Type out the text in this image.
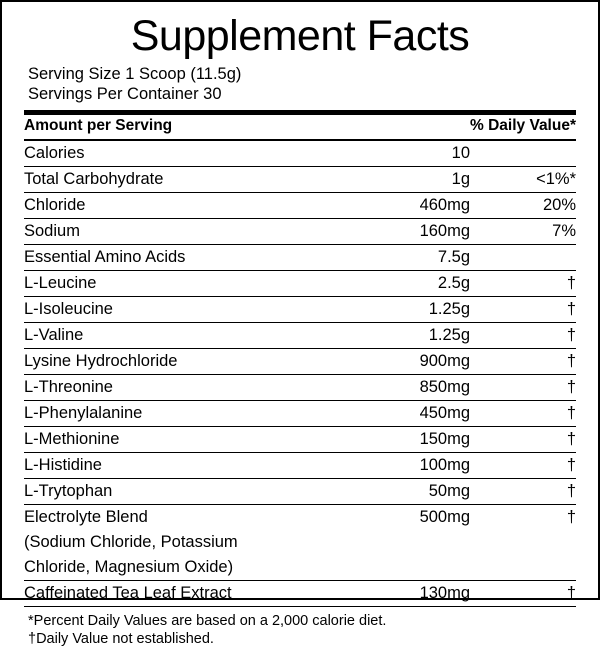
Supplement Facts
Serving Size 1 Scoop (11.5g)
Servings Per Container 30
Amount per Serving		% Daily Value*
Calories	10	
Total Carbohydrate	1g	<1%*
Chloride	460mg	20%
Sodium	160mg	7%
Essential Amino Acids	7.5g	
L-Leucine	2.5g	†
L-Isoleucine	1.25g	†
L-Valine	1.25g	†
Lysine Hydrochloride	900mg	†
L-Threonine	850mg	†
L-Phenylalanine	450mg	†
L-Methionine	150mg	†
L-Histidine	100mg	†
L-Trytophan	50mg	†
Electrolyte Blend	500mg	†
(Sodium Chloride, Potassium		
Chloride, Magnesium Oxide)		
Caffeinated Tea Leaf Extract	130mg	†
*Percent Daily Values are based on a 2,000 calorie diet.
†Daily Value not established.
